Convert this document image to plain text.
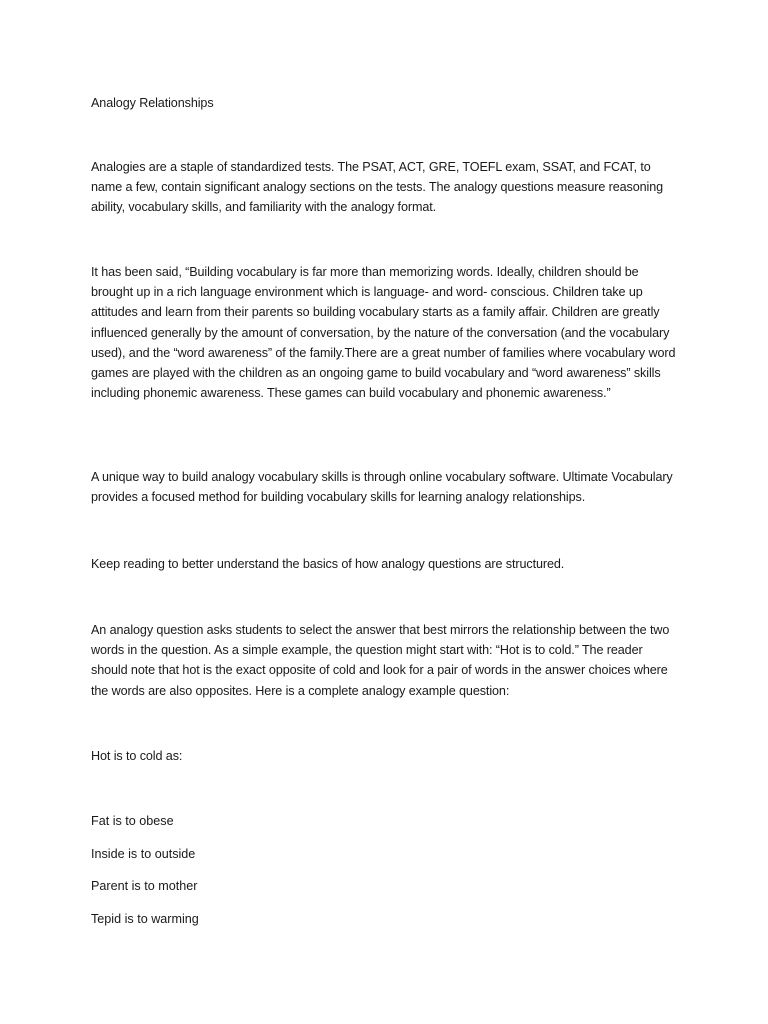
Analogy Relationships

Analogies are a staple of standardized tests. The PSAT, ACT, GRE, TOEFL exam, SSAT, and FCAT, to name a few, contain significant analogy sections on the tests. The analogy questions measure reasoning ability, vocabulary skills, and familiarity with the analogy format.

It has been said, “Building vocabulary is far more than memorizing words. Ideally, children should be brought up in a rich language environment which is language- and word- conscious. Children take up attitudes and learn from their parents so building vocabulary starts as a family affair. Children are greatly influenced generally by the amount of conversation, by the nature of the conversation (and the vocabulary used), and the “word awareness” of the family.There are a great number of families where vocabulary word games are played with the children as an ongoing game to build vocabulary and “word awareness” skills including phonemic awareness. These games can build vocabulary and phonemic awareness.”

A unique way to build analogy vocabulary skills is through online vocabulary software. Ultimate Vocabulary provides a focused method for building vocabulary skills for learning analogy relationships.

Keep reading to better understand the basics of how analogy questions are structured.

An analogy question asks students to select the answer that best mirrors the relationship between the two words in the question. As a simple example, the question might start with: “Hot is to cold.” The reader should note that hot is the exact opposite of cold and look for a pair of words in the answer choices where the words are also opposites. Here is a complete analogy example question:

Hot is to cold as:

Fat is to obese
Inside is to outside
Parent is to mother
Tepid is to warming
